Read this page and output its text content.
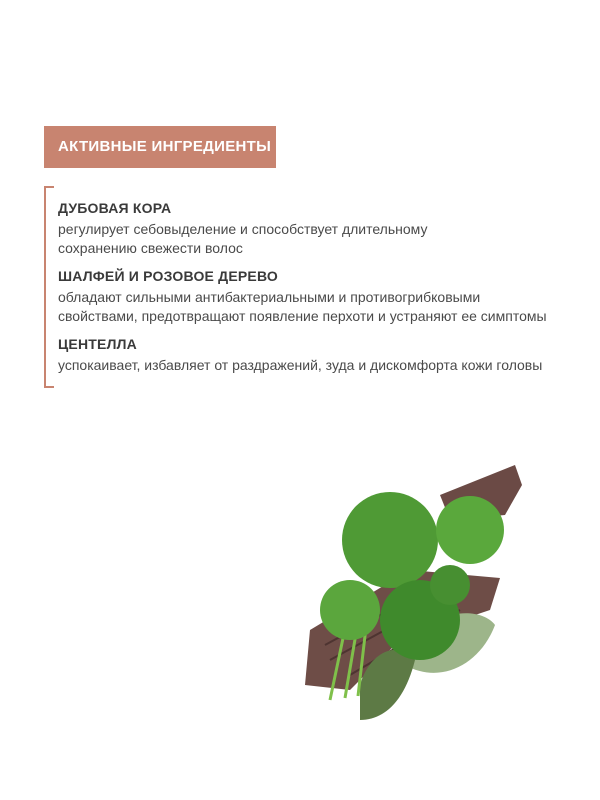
АКТИВНЫЕ ИНГРЕДИЕНТЫ
ДУБОВАЯ КОРА
регулирует себовыделение и способствует длительному
сохранению свежести волос
ШАЛФЕЙ И РОЗОВОЕ ДЕРЕВО
обладают сильными антибактериальными и противогрибковыми
свойствами, предотвращают появление перхоти и устраняют ее симптомы
ЦЕНТЕЛЛА
успокаивает, избавляет от раздражений, зуда и дискомфорта кожи головы
